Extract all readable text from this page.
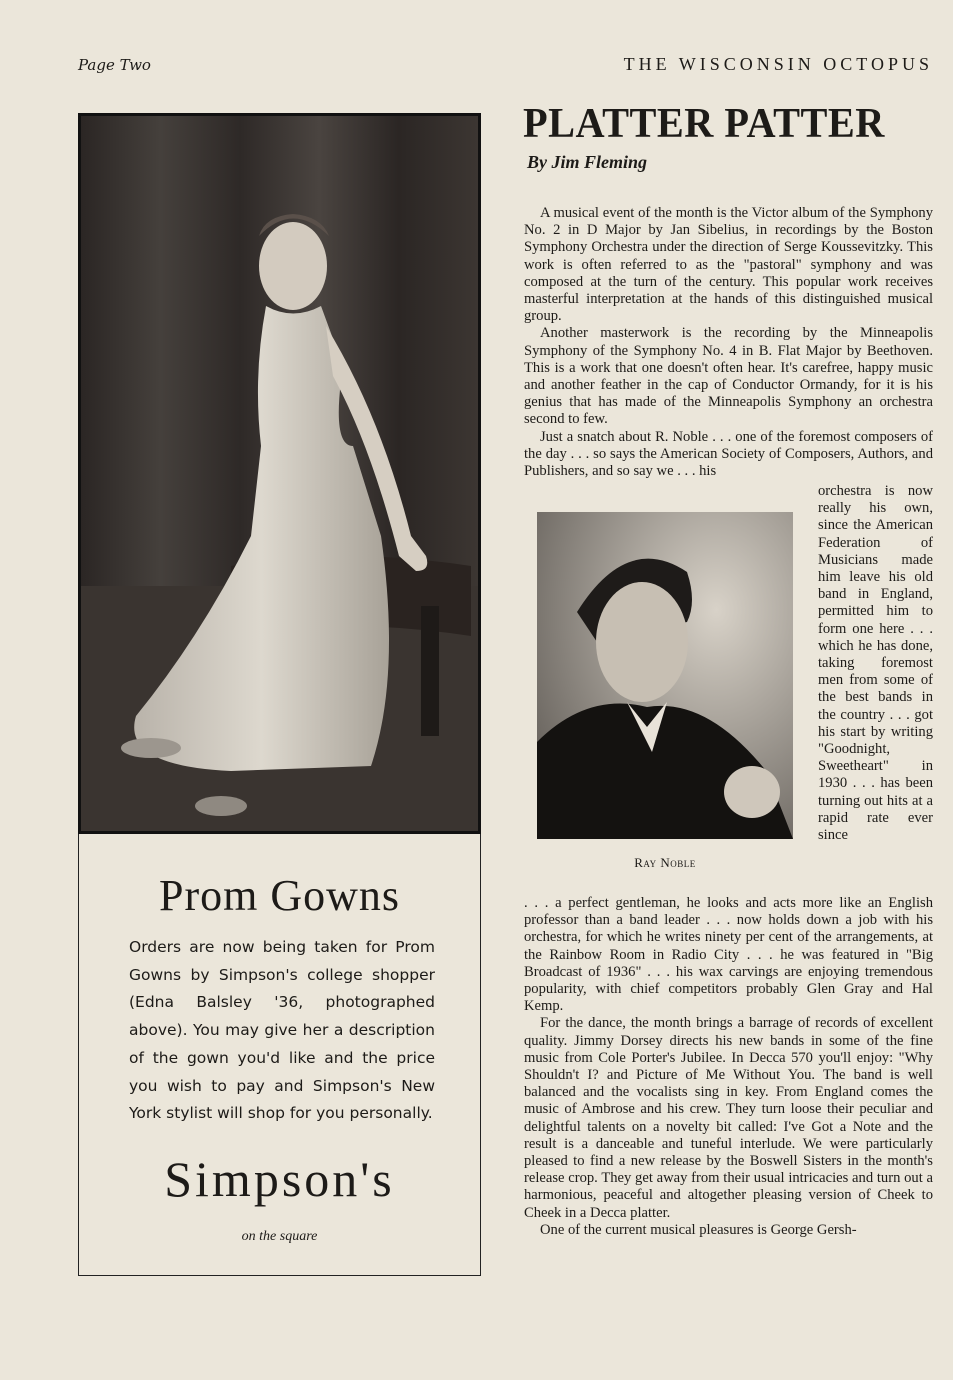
Page Two	THE WISCONSIN OCTOPUS
Prom Gowns

Orders are now being taken for Prom Gowns by Simpson's college shopper (Edna Balsley '36, photographed above). You may give her a description of the gown you'd like and the price you wish to pay and Simpson's New York stylist will shop for you personally.

Simpson's
on the square
PLATTER PATTER
By Jim Fleming

A musical event of the month is the Victor album of the Symphony No. 2 in D Major by Jan Sibelius, in recordings by the Boston Symphony Orchestra under the direction of Serge Koussevitzky. This work is often referred to as the "pastoral" symphony and was composed at the turn of the century. This popular work receives masterful interpretation at the hands of this distinguished musical group.

Another masterwork is the recording by the Minneapolis Symphony of the Symphony No. 4 in B. Flat Major by Beethoven. This is a work that one doesn't often hear. It's carefree, happy music and another feather in the cap of Conductor Ormandy, for it is his genius that has made of the Minneapolis Symphony an orchestra second to few.

Just a snatch about R. Noble . . . one of the foremost composers of the day . . . so says the American Society of Composers, Authors, and Publishers, and so say we . . . his

Ray Noble
orchestra is now really his own, since the American Federation of Musicians made him leave his old band in England, permitted him to form one here . . . which he has done, taking foremost men from some of the best bands in the country . . . got his start by writing "Goodnight, Sweetheart" in 1930 . . . has been turning out hits at a rapid rate ever since

. . . a perfect gentleman, he looks and acts more like an English professor than a band leader . . . now holds down a job with his orchestra, for which he writes ninety per cent of the arrangements, at the Rainbow Room in Radio City . . . he was featured in "Big Broadcast of 1936" . . . his wax carvings are enjoying tremendous popularity, with chief competitors probably Glen Gray and Hal Kemp.

For the dance, the month brings a barrage of records of excellent quality. Jimmy Dorsey directs his new bands in some of the fine music from Cole Porter's Jubilee. In Decca 570 you'll enjoy: "Why Shouldn't I? and Picture of Me Without You. The band is well balanced and the vocalists sing in key. From England comes the music of Ambrose and his crew. They turn loose their peculiar and delightful talents on a novelty bit called: I've Got a Note and the result is a danceable and tuneful interlude. We were particularly pleased to find a new release by the Boswell Sisters in the month's release crop. They get away from their usual intricacies and turn out a harmonious, peaceful and altogether pleasing version of Cheek to Cheek in a Decca platter.

One of the current musical pleasures is George Gersh-
